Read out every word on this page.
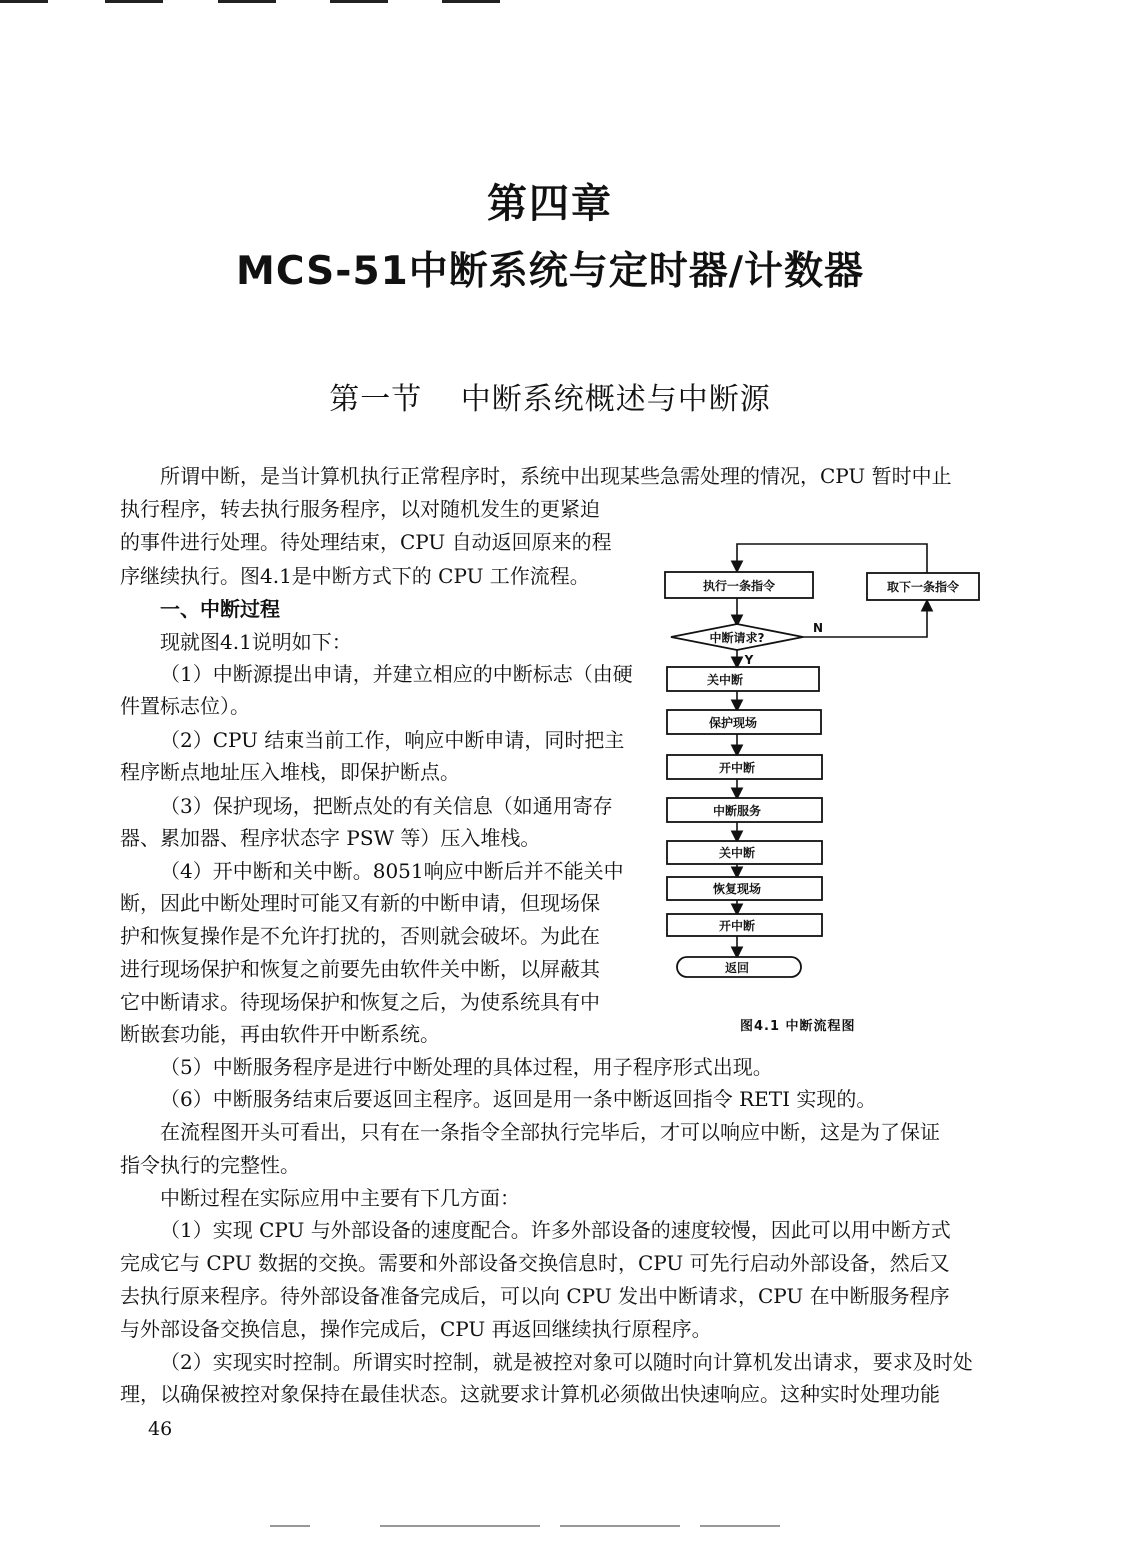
第四章
MCS-51中断系统与定时器/计数器
第一节 中断系统概述与中断源
所谓中断，是当计算机执行正常程序时，系统中出现某些急需处理的情况，CPU 暂时中止
执行程序，转去执行服务程序，以对随机发生的更紧迫
的事件进行处理。待处理结束，CPU 自动返回原来的程
序继续执行。图4.1是中断方式下的 CPU 工作流程。
一、中断过程
现就图4.1说明如下：
（1）中断源提出申请，并建立相应的中断标志（由硬
件置标志位）。
（2）CPU 结束当前工作，响应中断申请，同时把主
程序断点地址压入堆栈，即保护断点。
（3）保护现场，把断点处的有关信息（如通用寄存
器、累加器、程序状态字 PSW 等）压入堆栈。
（4）开中断和关中断。8051响应中断后并不能关中
断，因此中断处理时可能又有新的中断申请，但现场保
护和恢复操作是不允许打扰的，否则就会破坏。为此在
进行现场保护和恢复之前要先由软件关中断，以屏蔽其
它中断请求。待现场保护和恢复之后，为使系统具有中
断嵌套功能，再由软件开中断系统。
（5）中断服务程序是进行中断处理的具体过程，用子程序形式出现。
（6）中断服务结束后要返回主程序。返回是用一条中断返回指令 RETI 实现的。
在流程图开头可看出，只有在一条指令全部执行完毕后，才可以响应中断，这是为了保证
指令执行的完整性。
中断过程在实际应用中主要有下几方面：
（1）实现 CPU 与外部设备的速度配合。许多外部设备的速度较慢，因此可以用中断方式
完成它与 CPU 数据的交换。需要和外部设备交换信息时，CPU 可先行启动外部设备，然后又
去执行原来程序。待外部设备准备完成后，可以向 CPU 发出中断请求，CPU 在中断服务程序
与外部设备交换信息，操作完成后，CPU 再返回继续执行原程序。
（2）实现实时控制。所谓实时控制，就是被控对象可以随时向计算机发出请求，要求及时处
理，以确保被控对象保持在最佳状态。这就要求计算机必须做出快速响应。这种实时处理功能
执行一条指令	取下一条指令
中断请求?
Y
N
关中断
保护现场
开中断
中断服务
关中断
恢复现场
开中断
返回
图4.1 中断流程图
46
